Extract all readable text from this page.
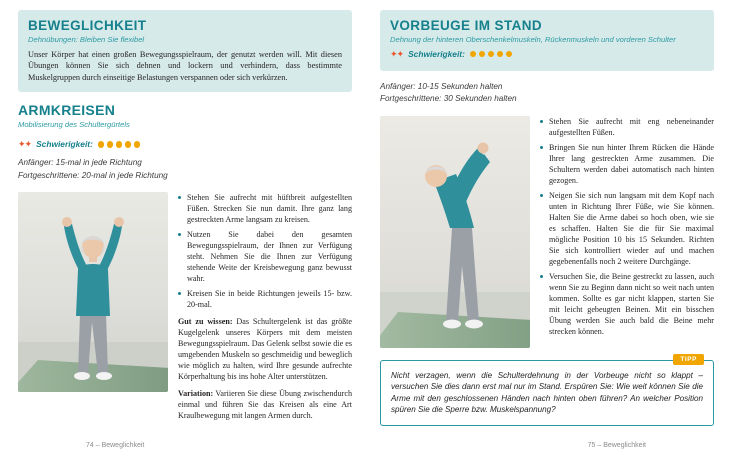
BEWEGLICHKEIT
Dehnübungen: Bleiben Sie flexibel

Unser Körper hat einen großen Bewegungsspielraum, der genutzt werden will. Mit diesen Übungen können Sie sich dehnen und lockern und verhindern, dass bestimmte Muskelgruppen durch einseitige Belastungen verspannen oder sich verkürzen.

ARMKREISEN
Mobilisierung des Schultergürtels
✦✦ Schwierigkeit:

Anfänger: 15-mal in jede Richtung

Fortgeschrittene: 20-mal in jede Richtung

Stehen Sie aufrecht mit hüftbreit aufgestellten Füßen. Strecken Sie nun damit. Ihre ganz lang gestreckten Arme langsam zu kreisen.
Nutzen Sie dabei den gesamten Bewegungsspielraum, der Ihnen zur Verfügung steht. Nehmen Sie die Ihnen zur Verfügung stehende Weite der Kreisbewegung ganz bewusst wahr.
Kreisen Sie in beide Richtungen jeweils 15- bzw. 20-mal.

Gut zu wissen: Das Schultergelenk ist das größte Kugelgelenk unseres Körpers mit dem meisten Bewegungsspielraum. Das Gelenk selbst sowie die es umgebenden Muskeln so geschmeidig und beweglich wie möglich zu halten, wird Ihre gesunde aufrechte Körperhaltung bis ins hohe Alter unterstützen.

Variation: Variieren Sie diese Übung zwischendurch einmal und führen Sie das Kreisen als eine Art Kraulbewegung mit langen Armen durch.

74 – Beweglichkeit
VORBEUGE IM STAND
Dehnung der hinteren Oberschenkelmuskeln, Rückenmuskeln und vorderen Schulter
✦✦ Schwierigkeit:

Anfänger: 10-15 Sekunden halten

Fortgeschrittene: 30 Sekunden halten

Stehen Sie aufrecht mit eng nebeneinander aufgestellten Füßen.
Bringen Sie nun hinter Ihrem Rücken die Hände Ihrer lang gestreckten Arme zusammen. Die Schultern werden dabei automatisch nach hinten gezogen.
Neigen Sie sich nun langsam mit dem Kopf nach unten in Richtung Ihrer Füße, wie Sie können. Halten Sie die Arme dabei so hoch oben, wie sie es schaffen. Halten Sie die für Sie maximal mögliche Position 10 bis 15 Sekunden. Richten Sie sich kontrolliert wieder auf und machen gegebenenfalls noch 2 weitere Durchgänge.
Versuchen Sie, die Beine gestreckt zu lassen, auch wenn Sie zu Beginn dann nicht so weit nach unten kommen. Sollte es gar nicht klappen, starten Sie mit leicht gebeugten Beinen. Mit ein bisschen Übung werden Sie auch bald die Beine mehr strecken können.
TIPP
Nicht verzagen, wenn die Schulterdehnung in der Vorbeuge nicht so klappt – versuchen Sie dies dann erst mal nur im Stand. Erspüren Sie: Wie weit können Sie die Arme mit den geschlossenen Händen nach hinten oben führen? An welcher Position spüren Sie die Sperre bzw. Muskelspannung?
75 – Beweglichkeit
